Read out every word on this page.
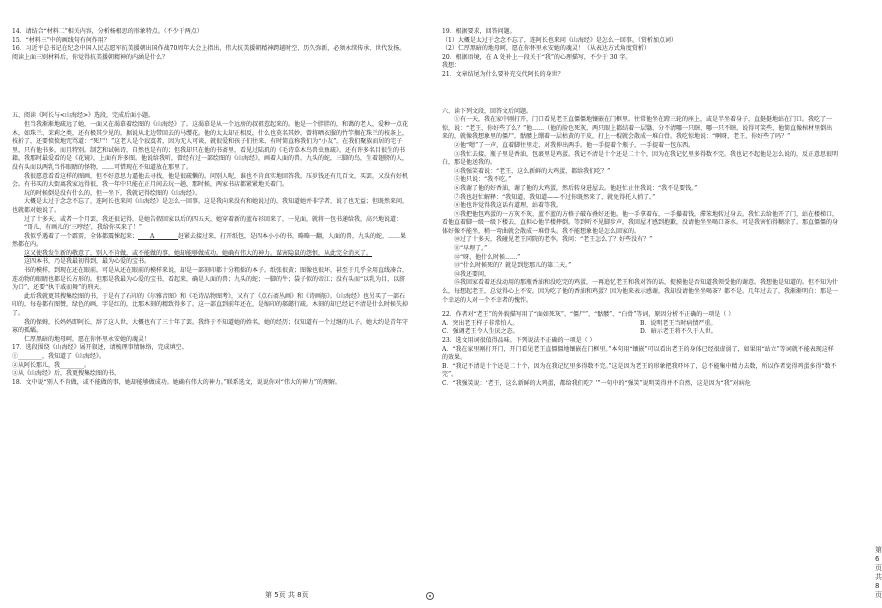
14．请结合“材料二”相关内容，分析杨根思的形象特点。（不少于两点）

15．“材料三”中的画线句有何作用？

16．习近平总书记在纪念中国人民志愿军抗美援朝出国作战70周年大会上指出，伟大抗美援朝精神跨越时空、历久弥新，必须永续传承、世代发扬。阅读上面三则材料后，你觉得抗美援朝精神的内涵是什么？

五、阅读《阿长与<山海经>》选段，完成后面小题。

但当我渐渐地疏远了她，一面又在渴慕着绘图的《山海经》了。这渴慕是从一个远房的叔祖惹起来的。他是一个胖胖的，和蔼的老人，爱种一点花木，如珠兰、茉莉之类，还有极其少见的，据说从北边带回去的马缨花。他的太太却正相反，什么也莫名其妙，曾将晒衣服的竹竿搁在珠兰的枝条上，枝折了，还要愤愤地咒骂道：“死尸！”这老人是个寂寞者，因为无人可谈，就很爱和孩子们往来，有时简直称我们为“小友”。在我们聚族而居的宅子里，只有他书多，而且特别。制艺和试帖诗，自然也是有的；但我却只在他的书斋里，看见过陆玑的《毛诗草木鸟兽虫鱼疏》，还有许多名目很生的书籍。我那时最爱看的是《花镜》，上面有许多图。他说给我听，曾经有过一部绘图的《山海经》，画着人面的兽，九头的蛇，三脚的鸟，生着翅膀的人，没有头而以两乳当作眼睛的怪物，……可惜现在不知道放在那里了。

我很愿意看看这样的图画，但不好意思力逼他去寻找，他是很疏懒的。问别人呢，谁也不肯真实地回答我。压岁钱还有几百文，买罢，又没有好机会。有书买的大街离我家远得很，我一年中只能在正月间去玩一趟，那时候，两家书店都紧紧地关着门。

玩的时候倒是没有什么的，但一坐下，我就记得绘图的《山海经》。

大概是太过于念念不忘了，连阿长也来问《山海经》是怎么一回事。这是我向来没有和她说过的，我知道她并非学者，说了也无益；但既然来问，也就都对她说了。

过了十多天，或者一个月罢，我还很记得，是她告假回家以后的四五天，她穿着新的蓝布衫回来了，一见面，就将一包书递给我，高兴地说道：

“哥儿，有画儿的‘三哼经’，我给你买来了！”

我似乎遇着了一个霹雳，全体都震悚起来； A	赶紧去接过来，打开纸包，是四本小小的书，略略一翻，人面的兽，九头的蛇，……果然都在内。

这又使我发生新的敬意了，别人不肯做，或不能做的事，她却能够做成功。她确有伟大的神力。谋害隐鼠的怨恨，从此完全消灭了。

这四本书，乃是我最初得到，最为心爱的宝书。

书的模样，到现在还在眼前。可是从还在眼前的模样来说，却是一部刻印都十分粗拙的本子。纸张很黄；图像也很坏，甚至于几乎全用直线凑合，连动物的眼睛也都是长方形的。但那是我最为心爱的宝书，看起来，确是人面的兽；九头的蛇；一脚的牛；袋子似的帝江；没有头而“以乳为目，以脐为口”，还要“执干戚而舞”的刑天。

此后我就更其搜集绘图的书，于是有了石印的《尔雅音图》和《毛诗品物图考》，又有了《点石斋丛画》和《诗画舫》。《山海经》也另买了一部石印的，每卷都有图赞，绿色的画，字是红的，比那木刻的精致得多了。这一部直到前年还在，是缩印的郝懿行疏。木刻的却已经记不清是什么时候失掉了。

我的保姆，长妈妈即阿长，辞了这人世，大概也有了三十年了罢。我终于不知道她的姓名，她的经历；仅知道有一个过继的儿子，她大约是青年守寡的孤孀。

仁厚黑暗的地母呵，愿在你怀里永安她的魂灵！

17．选段围绕《山海经》展开叙述，请梳理事情脉络，完成填空。

①________，我知道了《山海经》。

②从阿长那儿，我________。

③从《山海经》后，我更搜集绘图的书。

18．文中说“别人不肯做，或不能做的事，她却能够做成功。她确有伟大的神力。”联系选文，说说你对“伟大的神力”的理解。

第 5页 共 8页

19．根据要求，回答问题。

（1）大概是太过于念念不忘了，连阿长也来问《山海经》是怎么一回事。（赏析加点词）

（2）仁厚黑暗的地母呵，愿在你怀里永安她的魂灵！（从表达方式角度赏析）

20．根据语境，在 A 处补上一段关于“我”的心理描写，不少于 30 字。

我想：

21．文章结尾为什么要补充交代阿长的身世？

六、读下列文段，回答文后问题。

①有一天，我在家中刚打开，门口看见老王直僵僵地镶嵌在门框里。往常他坐在蹬三轮的座上，或是半坐着身子，直挺挺地站在门口。我吃了一惊，说：“老王，你好些了么？”他……（他的脸色死灰，两只眼上都结着一层翳，分不清哪一只瞎、哪一只不瞎。说得可笑些，他简直像棺材里倒出来的，就像我想象里的僵尸，骷髅上绷着一层枯黄的干皮，打上一棍就会散成一堆白骨。我吃惊地说：“啊呀，老王，你好些了吗？”

②他“嗯”了一声，直着脚往里走，对我伸出两手。他一手提着个瓶子，一手提着一包东西。

③我忙去接，瓶子里是香油，包裹里是鸡蛋。我记不清是十个还是二十个，因为在我记忆里多得数不完。我也记不起他是怎么说的，反正意思很明白，那是他送我的。

④我强笑着说：“老王，这么新鲜的大鸡蛋，都给我们吃？”

⑤他只说：“我不吃。”

⑥我谢了他的好香油，谢了他的大鸡蛋，然后转身进屋去。他赶忙止住我说：“我不是要钱。”

⑦我也赶忙解释：“我知道，我知道——不过你既然来了，就免得托人捎了。”

⑧他也许觉得我这话有道理，站着等我。

⑨我把他包鸡蛋的一方灰不灰、蓝不蓝的方格子破布叠好还他。他一手拿着布，一手攥着钱，滞笨地转过身去。我忙去给他开了门，站在楼梯口，看他直着脚一级一级下楼去，直担心他半楼摔倒。等到听不见脚步声，我回屋才感到抱歉，没请他坐坐喝口茶水。可是我害怕得糊涂了。那直僵僵的身体好像不能坐，稍一弯曲就会散成一堆骨头。我不能想象他是怎么回家的。

⑩过了十多天，我碰见老王同院的老李。我问：“老王怎么了？好些没有？”

⑪“早埋了。”

⑫“呀，他什么时候……”

⑬“什么时候死的？就是到您那儿的第二天。”

⑭我还要问，

⑮我回家看着还没动用的那瓶香油和没吃完的鸡蛋，一再追忆老王和我对答的话，捉摸他是否知道我领受他的谢意。我想他是知道的。但不知为什么，每想起老王，总觉得心上不安。因为吃了他的香油和鸡蛋？因为他来表示感谢，我却没请他坐坐喝茶？都不是。几年过去了，我渐渐明白：那是一个幸运的人对一个不幸者的愧怍。

22．作者对“老王”的外貌描写用了“面如死灰”、“僵尸”、“骷髅”、“白骨”等词，原因分析不正确的一项是（ ）

A．突出老王样子非常怕人。	B．说明老王当时病情严重。

C．强调老王令人生厌之态。	D．暗示老王将不久于人世。

23．选文用词很值得品味。下列说法不正确的一项是（ ）

A．“我在家里刚打开门，开门看见老王直僵僵地镶嵌在门框里。”本句用“镶嵌”可以看出老王的身体已经很虚弱了，如果用“站立”等词就不能表现这样的效果。

B．“我记不清是十个还是二十个，因为在我记忆里多得数不完。”这是因为老王的形象把我吓坏了，总不能集中精力去数，所以作者觉得鸡蛋多得“数不完”。

C．“我强笑说：‘老王，这么新鲜的大鸡蛋，都给我们吃？’”一句中的“强笑”说明笑得并不自然，这是因为“我”对病危

第 6页 共 8页
